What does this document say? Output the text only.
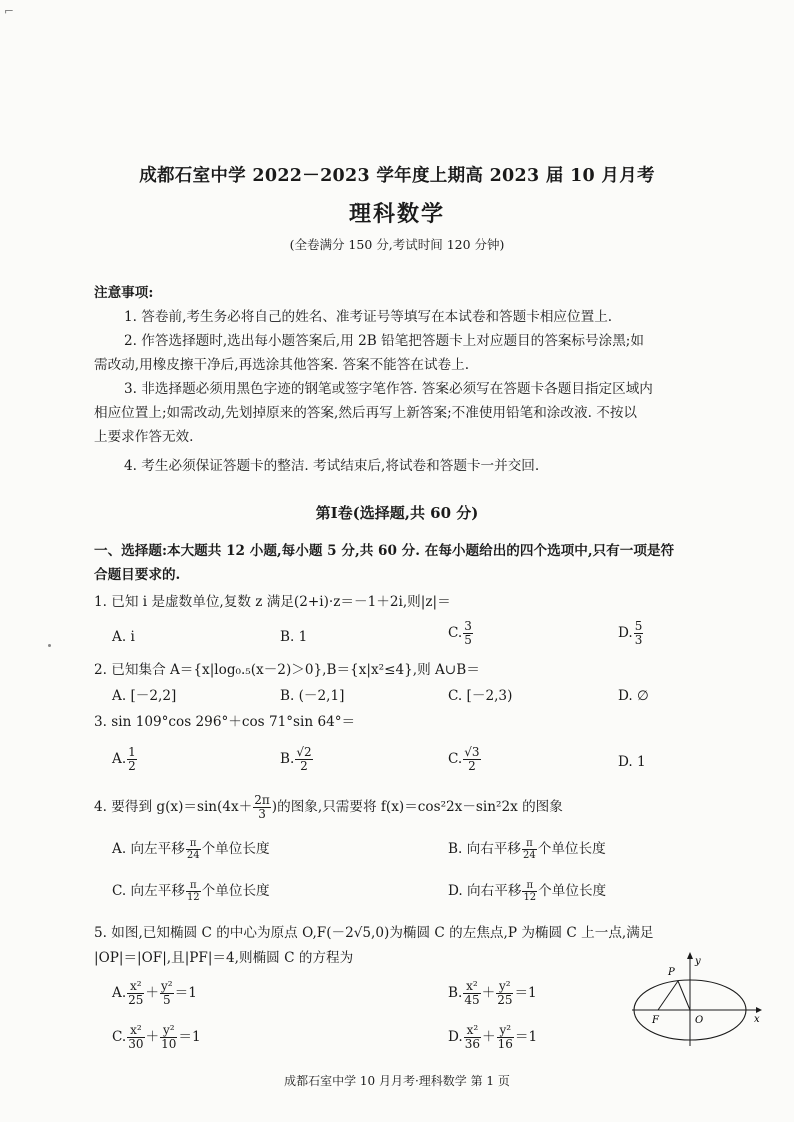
⌐
成都石室中学 2022－2023 学年度上期高 2023 届 10 月月考
理科数学
(全卷满分 150 分,考试时间 120 分钟)
注意事项:
1. 答卷前,考生务必将自己的姓名、准考证号等填写在本试卷和答题卡相应位置上.
2. 作答选择题时,选出每小题答案后,用 2B 铅笔把答题卡上对应题目的答案标号涂黑;如
需改动,用橡皮擦干净后,再选涂其他答案. 答案不能答在试卷上.
3. 非选择题必须用黑色字迹的钢笔或签字笔作答. 答案必须写在答题卡各题目指定区域内
相应位置上;如需改动,先划掉原来的答案,然后再写上新答案;不准使用铅笔和涂改液. 不按以
上要求作答无效.
4. 考生必须保证答题卡的整洁. 考试结束后,将试卷和答题卡一并交回.
第Ⅰ卷(选择题,共 60 分)
一、选择题:本大题共 12 小题,每小题 5 分,共 60 分. 在每小题给出的四个选项中,只有一项是符
合题目要求的.
1. 已知 i 是虚数单位,复数 z 满足(2+i)·z＝－1＋2i,则|z|＝
A. i	B. 1	C. $\frac{3}{5}$	D. $\frac{5}{3}$
2. 已知集合 A＝{x|log₀.₅(x－2)＞0},B＝{x|x²≤4},则 A∪B＝
A. [－2,2]	B. (－2,1]	C. [－2,3)	D. ∅
3. sin 109°cos 296°＋cos 71°sin 64°＝
A. $\frac{1}{2}$	B. $\frac{√2}{2}$	C. $\frac{√3}{2}$	D. 1
4. 要得到 $g(x)=\sin(4x+ \frac{2\pi}{3}$ )的图象,只需要将 f(x)＝cos²2x－sin²2x 的图象
A. 向左平移 $\frac{\pi}{24}$ 个单位长度	B. 向右平移 $\frac{\pi}{24}$ 个单位长度
C. 向左平移 $\frac{\pi}{12}$ 个单位长度	D. 向右平移 $\frac{\pi}{12}$ 个单位长度
5. 如图,已知椭圆 C 的中心为原点 O,F(－2√5,0)为椭圆 C 的左焦点,P 为椭圆 C 上一点,满足
|OP|＝|OF|,且|PF|＝4,则椭圆 C 的方程为
A. $\frac{\text{x²}}{25} + \frac{\text{y²}}{5} =1$	B. $\frac{\text{x²}}{45} + \frac{\text{y²}}{25} =1$
C. $\frac{\text{x²}}{30} + \frac{\text{y²}}{10} =1$	D. $\frac{\text{x²}}{36} + \frac{\text{y²}}{16} =1$
P
y
F	O	x
成都石室中学 10 月月考·理科数学 第 1 页
